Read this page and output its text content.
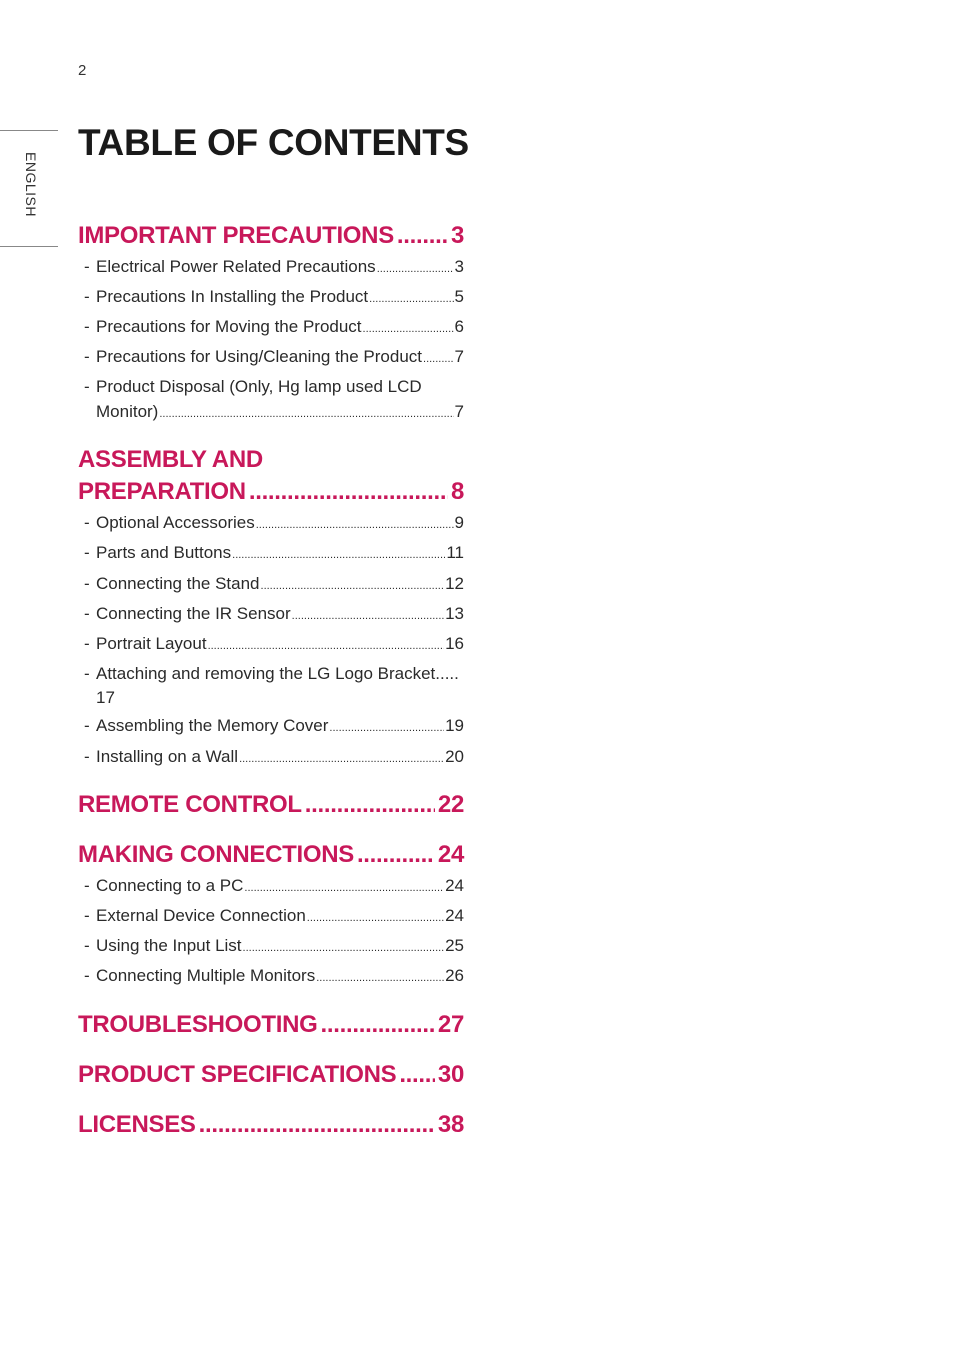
2
ENGLISH
TABLE OF CONTENTS
IMPORTANT PRECAUTIONS ..... 3
- Electrical Power Related Precautions .....	3
- Precautions In Installing the Product .....	5
- Precautions for Moving the Product .....	6
- Precautions for Using/Cleaning the Product ..... 7
- Product Disposal (Only, Hg lamp used LCD
Monitor) .....	7
ASSEMBLY AND
PREPARATION .....	8
- Optional Accessories .....	9
- Parts and Buttons .....	11
- Connecting the Stand .....	12
- Connecting the IR Sensor .....	13
- Portrait Layout .....	16
- Attaching and removing the LG Logo Bracket.....
17
- Assembling the Memory Cover .....	19
- Installing on a Wall .....	20
REMOTE CONTROL .....	22
MAKING CONNECTIONS .....	24
- Connecting to a PC .....	24
- External Device Connection .....	24
- Using the Input List .....	25
- Connecting Multiple Monitors .....	26
TROUBLESHOOTING .....	27
PRODUCT SPECIFICATIONS ..... 30
LICENSES .....	38
